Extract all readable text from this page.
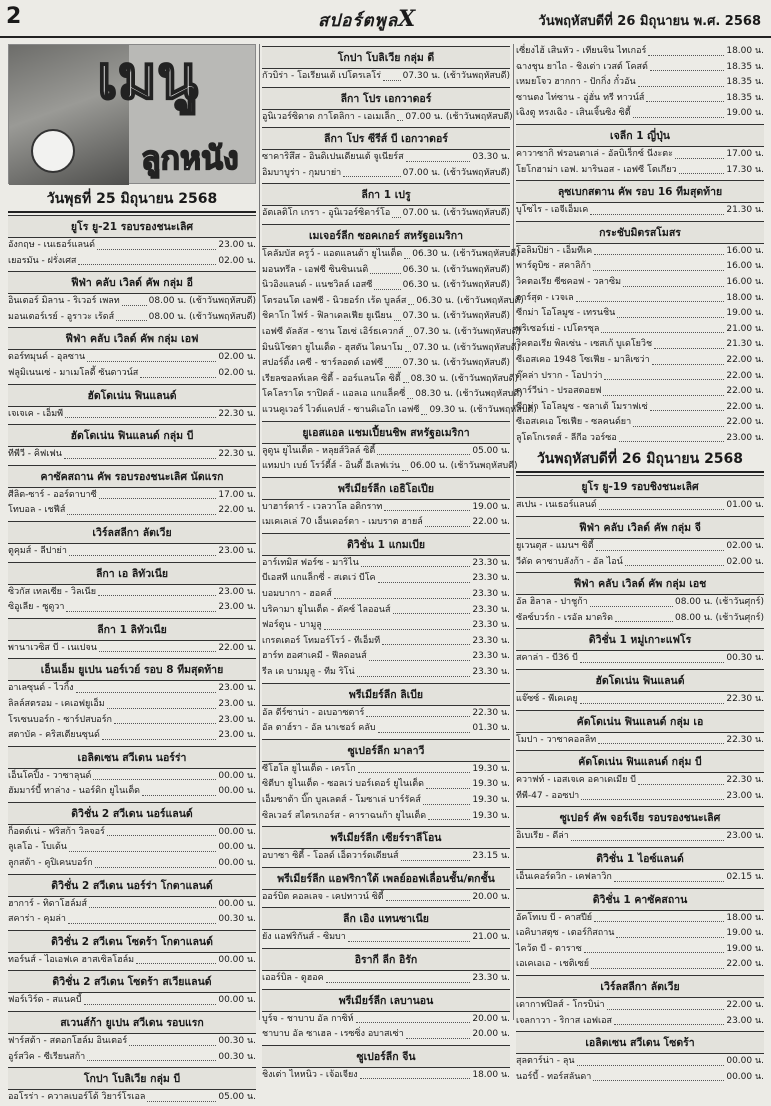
2	สปอร์ตพูลX	วันพฤหัสบดีที่ 26 มิถุนายน พ.ศ. 2568
เมนู
ลูกหนัง
วันพุธที่ 25 มิถุนายน 2568
ยูโร ยู-21 รอบรองชนะเลิศ
อังกฤษ - เนเธอร์แลนด์	23.00 น.
เยอรมัน - ฝรั่งเศส	02.00 น.
ฟีฟ่า คลับ เวิลด์ คัพ กลุ่ม อี
อินเตอร์ มิลาน - ริเวอร์ เพลท	08.00 น. (เช้าวันพฤหัสบดี)
มอนเตอร์เรย์ - อูราวะ เร้ดส์	08.00 น. (เช้าวันพฤหัสบดี)
ฟีฟ่า คลับ เวิลด์ คัพ กลุ่ม เอฟ
ดอร์ทมุนด์ - อุลซาน	02.00 น.
ฟลูมิเนนเซ่ - มาเมโลดี้ ซันดาวน์ส	02.00 น.
ฮัดโดเน่น ฟินแลนด์
เจเจเค - เอ็มพี	22.30 น.
ฮัดโดเน่น ฟินแลนด์ กลุ่ม บี
ทีพีวี - คิฟเฟน	22.30 น.
คาซัคสถาน คัพ รอบรองชนะเลิศ นัดแรก
ศีลิต-ซาร์ - ออร์ดาบาซี	17.00 น.
โทบอล - เชฟีส์	22.00 น.
เวิร์ลสลีกา ลัตเวีย
ตูคุมส์ - ลีปาย่า	23.00 น.
ลีกา เอ ลิทัวเนีย
ซิวกัส เทลเซีย - วิลเนีย	23.00 น.
ซิอูเลีย - ซูดูวา	23.00 น.
ลีกา 1 ลิทัวเนีย
พานาเวซิส บี - เนเปจน	22.00 น.
เอ็นเอ็ม ยูเปน นอร์เวย์ รอบ 8 ทีมสุดท้าย
อาเลซุนด์ - ไวกิ้ง	23.00 น.
ลิลล์สตรอม - เคเอฟยูเอ็ม	23.00 น.
โรเซนบอร์ก - ซาร์ปสบอร์ก	23.00 น.
สตาบัค - คริสเตียนซุนด์	23.00 น.
เอลิตเซน สวีเดน นอร์ร่า
เอ็นโคปิ้ง - วาซาลุนด์	00.00 น.
ฮัมมาร์บี้ ทาล่าง - นอร์ดิก ยูไนเต็ด	00.00 น.
ดิวิชั่น 2 สวีเดน นอร์แลนด์
ก็อตต์เน่ - ฟริสก้า วิลจอร์	00.00 น.
ลูเลโอ - โบเด้น	00.00 น.
ลูกสต้า - คูปิเคนบอร์ก	00.00 น.
ดิวิชั่น 2 สวีเดน นอร์ร่า โกตาแลนด์
ฮาการ์ - ทิดาโฮล์มส์	00.00 น.
สคาร่า - คุมล่า	00.30 น.
ดิวิชั่น 2 สวีเดน โซดร้า โกตาแลนด์
ทอร์นส์ - ไอเอฟเค ฮาสเซิลโฮล์ม	00.00 น.
ดิวิชั่น 2 สวีเดน โซดร้า สเวียแลนด์
ฟอร์เวิร์ด - สแนคบี้	00.00 น.
สเวนส์ก้า ยูเปน สวีเดน รอบแรก
ฟาร์สต้า - สตอกโฮล์ม อินเตอร์	00.30 น.
อูร์สวิค - ซีเรียนสก้า	00.30 น.
โกปา โบลิเวีย กลุ่ม บี
ออโรร่า - ควาลเบอร์โด้ วิยาร์โรเอล	05.00 น.
โกปา โบลิเวีย กลุ่ม ดี
กัวบิร่า - โอเรียนเต้ เปโตรเลโร่ 07.30 น. (เช้าวันพฤหัสบดี)
ลีกา โปร เอกวาดอร์
อูนิเวอร์ซิดาด กาโตลิกา - เอเมเล็ก 07.00 น. (เช้าวันพฤหัสบดี)
ลีกา โปร ซีรีส์ บี เอกวาดอร์
ซาคาริสึส - อินดิเปนเดียนเต้ จูเนียร์ส	03.30 น.
อิมบาบูร่า - กุมบาย่า	07.00 น. (เช้าวันพฤหัสบดี)
ลีกา 1 เปรู
อัตเลติโก เกรา - อูนิเวอร์ซิดาร์โอ 07.00 น. (เช้าวันพฤหัสบดี)
เมเจอร์ลีก ซอคเกอร์ สหรัฐอเมริกา
โคลัมบัส ครูว์ - แอตแลนต้า ยูไนเต็ด 06.30 น. (เช้าวันพฤหัสบดี)
มอนทรีล - เอฟซี ซินซินเนติ	06.30 น. (เช้าวันพฤหัสบดี)
นิวอิงแลนด์ - แนชวิลล์ เอสซี	06.30 น. (เช้าวันพฤหัสบดี)
โตรอนโต เอฟซี - นิวยอร์ก เร้ด บูลล์ส 06.30 น. (เช้าวันพฤหัสบดี)
ชิคาโก ไฟร์ - ฟิลาเดลเฟีย ยูเนียน 07.30 น. (เช้าวันพฤหัสบดี)
เอฟซี ดัลลัส - ซาน โฮเซ่ เอิร์ธเควกส์ 07.30 น. (เช้าวันพฤหัสบดี)
มินนิโซตา ยูไนเต็ด - ฮุสตัน ไดนาโม 07.30 น. (เช้าวันพฤหัสบดี)
สปอร์ติ้ง เคซี - ชาร์ลอตต์ เอฟซี 07.30 น. (เช้าวันพฤหัสบดี)
เรียลซอลท์เลค ซิตี้ - ออร์แลนโด ซิตี้ 08.30 น. (เช้าวันพฤหัสบดี)
โคโลราโด ราปิดส์ - แอลเอ แกแล็คซี่ 08.30 น. (เช้าวันพฤหัสบดี)
แวนคูเวอร์ ไวต์แคปส์ - ซานดิเอโก เอฟซี 09.30 น. (เช้าวันพฤหัสบดี)
ยูเอสแอล แชมเปี้ยนชิพ สหรัฐอเมริกา
ลูดูน ยูไนเต็ด - หลุยส์วิลล์ ซิตี้	05.00 น.
แทมปา เบย์ โรว์ดี้ส์ - อินดี้ อีเลฟเว่น 06.00 น. (เช้าวันพฤหัสบดี)
พรีเมียร์ลีก เอธิโอเปีย
บาฮาร์ดาร์ - เวลวาโล อดิกราท	19.00 น.
เมเคเลเล่ 70 เอ็นเดอร์ตา - เมบราต ฮายล์	22.00 น.
ดิวิชั่น 1 แกมเบีย
อาร์เทมิส ฟอร์ซ - มาริไน	23.30 น.
บีเอสที แกแล็กซี่ - สเตเว่ บีโค	23.30 น.
บอมบากา - ฮอคส์	23.30 น.
บริคามา ยูไนเต็ด - ดัคซ์ ไลออนส์	23.30 น.
ฟอร์ตูน - บามูลู	23.30 น.
เกรตเตอร์ โทมอร์โรว์ - ทีเอ็มที	23.30 น.
ฮาร์ท ฮอศาเคมี - ฟีลดอนส์	23.30 น.
รีล เด บามมูลู - ทีม ริโน่	23.30 น.
พรีเมียร์ลีก ลิเบีย
อัล ดีร์ซาน่า - อเบอาซตาร์	22.30 น.
อัล ตาฮ์รา - อัล นาเชอร์ คลับ	01.30 น.
ซูเปอร์ลีก มาลาวี
ซีโฮโล ยูไนเต็ด - เครโก	19.30 น.
ซิตีบา ยูไนเต็ด - ซอลเว่ บอร์เดอร์ ยูไนเต็ด	19.30 น.
เอ็มซาต้า บิ๊ก บูลเลตส์ - โมซาเล่ บาร์รัคส์	19.30 น.
ซิลเวอร์ สไตรเกอร์ส - คาราฉนก้า ยูไนเต็ด	19.30 น.
พรีเมียร์ลีก เซียร์ราลีโอน
อบาซา ซิตี้ - โอลด์ เอ็ดวาร์ดเดียนส์	23.15 น.
พรีเมียร์ลีก แอฟริกาใต้ เพลย์ออฟเลื่อนชั้น/ตกชั้น
ออร์บิต คอลเลจ - เคปทาวน์ ซิตี้	20.00 น.
ลีก เอิง แทนซาเนีย
ยัง แอฟริกันส์ - ซิมบา	21.00 น.
อิรากี ลีก อิรัก
เออร์บิล - ดูฮอค	23.30 น.
พรีเมียร์ลีก เลบานอน
บูร์จ - ชาบาบ อัล กาซิห์	20.00 น.
ชาบาบ อัล ซาเฮล - เรซซิ่ง อบาสเซ่า	20.00 น.
ซูเปอร์ลีก จีน
ชิงเต่า ไหหนิว - เจ้อเจียง	18.00 น.
เซี่ยงไฮ้ เสินหัว - เทียนจิน ไทเกอร์	18.00 น.
ฉางชุน ยาไถ - ชิงเต่า เวสต์ โคสต์	18.35 น.
เหมยโจว ฮากกา - ปักกิ่ง กั๋วอัน	18.35 น.
ซานตง ไท่ซาน - อู่ฮั่น ทรี ทาวน์ส์	18.35 น.
เฉิงตู หรงเฉิง - เสินเจิ้นซิง ซิตี้	19.00 น.
เจลีก 1 ญี่ปุ่น
คาวาซากิ ฟรอนตาเล่ - อัลบิเร็กซ์ นีงะตะ	17.00 น.
โยโกฮาม่า เอฟ. มารินอส - เอฟซี โตเกียว	17.30 น.
ลุซเบกสตาน คัพ รอบ 16 ทีมสุดท้าย
บูโซไร - เอจีเอ็มเค	21.30 น.
กระชับมิตรสโมสร
โอลิมปิย่า - เอ็มทีเค	16.00 น.
พาร์ดูบิซ - สคาลิก้า	16.00 น.
วิคตอเรีย ซีซคอฟ - วลาซิม	16.00 น.
อาร์สุต - เวจเล	18.00 น.
ซีกม่า โอโลมูซ - เทรนชิน	19.00 น.
พริเซอร์เย่ - เปโตรซุล	21.00 น.
วิคตอเรีย พิลเซ่น - เซสเก้ บูเดโยวิช	21.30 น.
ซีเอสเคอ 1948 โซเฟีย - มาลิเซว่า	22.00 น.
ดุ๊คล่า ปราก - โอปาว่า	22.00 น.
คาร์วีน่า - ปรอสตอยฟ	22.00 น.
ซีกม่า โอโลมูซ - ซลาเต้ โมราฟเซ่	22.00 น.
ซีเอสเคเอ โซเฟีย - ซลคนด์ยา	22.00 น.
ลูโดโกเรตส์ - ลีกีอ วอร์ซอ	23.00 น.
วันพฤหัสบดีที่ 26 มิถุนายน 2568
ยูโร ยู-19 รอบชิงชนะเลิศ
สเปน - เนเธอร์แลนด์	01.00 น.
ฟีฟ่า คลับ เวิลด์ คัพ กลุ่ม จี
ยูเวนตุส - แมนฯ ซิตี้	02.00 น.
วีดัด คาซาบลังก้า - อัล ไอน์	02.00 น.
ฟีฟ่า คลับ เวิลด์ คัพ กลุ่ม เอช
อัล ฮิลาล - ปาชูก้า	08.00 น. (เช้าวันศุกร์)
ซัลซ์บวร์ก - เรอัล มาดริด	08.00 น. (เช้าวันศุกร์)
ดิวิชั่น 1 หมู่เกาะแฟโร
สคาล่า - บี36 บี	00.30 น.
ฮัดโดเน่น ฟินแลนด์
แจ๊ซซ์ - พีเคเคยู	22.30 น.
คัดโดเน่น ฟินแลนด์ กลุ่ม เอ
โมปา - วาซาคอลลิท	22.30 น.
คัดโดเน่น ฟินแลนด์ กลุ่ม บี
ควาฟท์ - เอสเจเค อคาเดเมีย บี	22.30 น.
ทีพี-47 - ออซปา	23.00 น.
ซูเปอร์ คัพ จอร์เจีย รอบรองชนะเลิศ
อิเบเรีย - ดีล่า	23.00 น.
ดิวิชั่น 1 ไอซ์แลนด์
เอ็นเคอร์ดวิก - เคฟลาวิก	02.15 น.
ดิวิชั่น 1 คาซัคสถาน
อัคโทเบ บี - คาสปีย์	18.00 น.
เอคิบาสตุซ - เตอร์กิสถาน	19.00 น.
ไคว้ต บี - ตาราซ	19.00 น.
เอเคเอเอ - เชติเซย์	22.00 น.
เวิร์ลสลีกา ลัตเวีย
เดากาฟปิลส์ - โกรบิน่า	22.00 น.
เจลกาวา - ริกาส เอฟเอส	23.00 น.
เอลิตเซน สวีเดน โซดร้า
สุลตาร์น่า - ลุน	00.00 น.
นอร์บี้ - ทอร์สลันดา	00.00 น.
